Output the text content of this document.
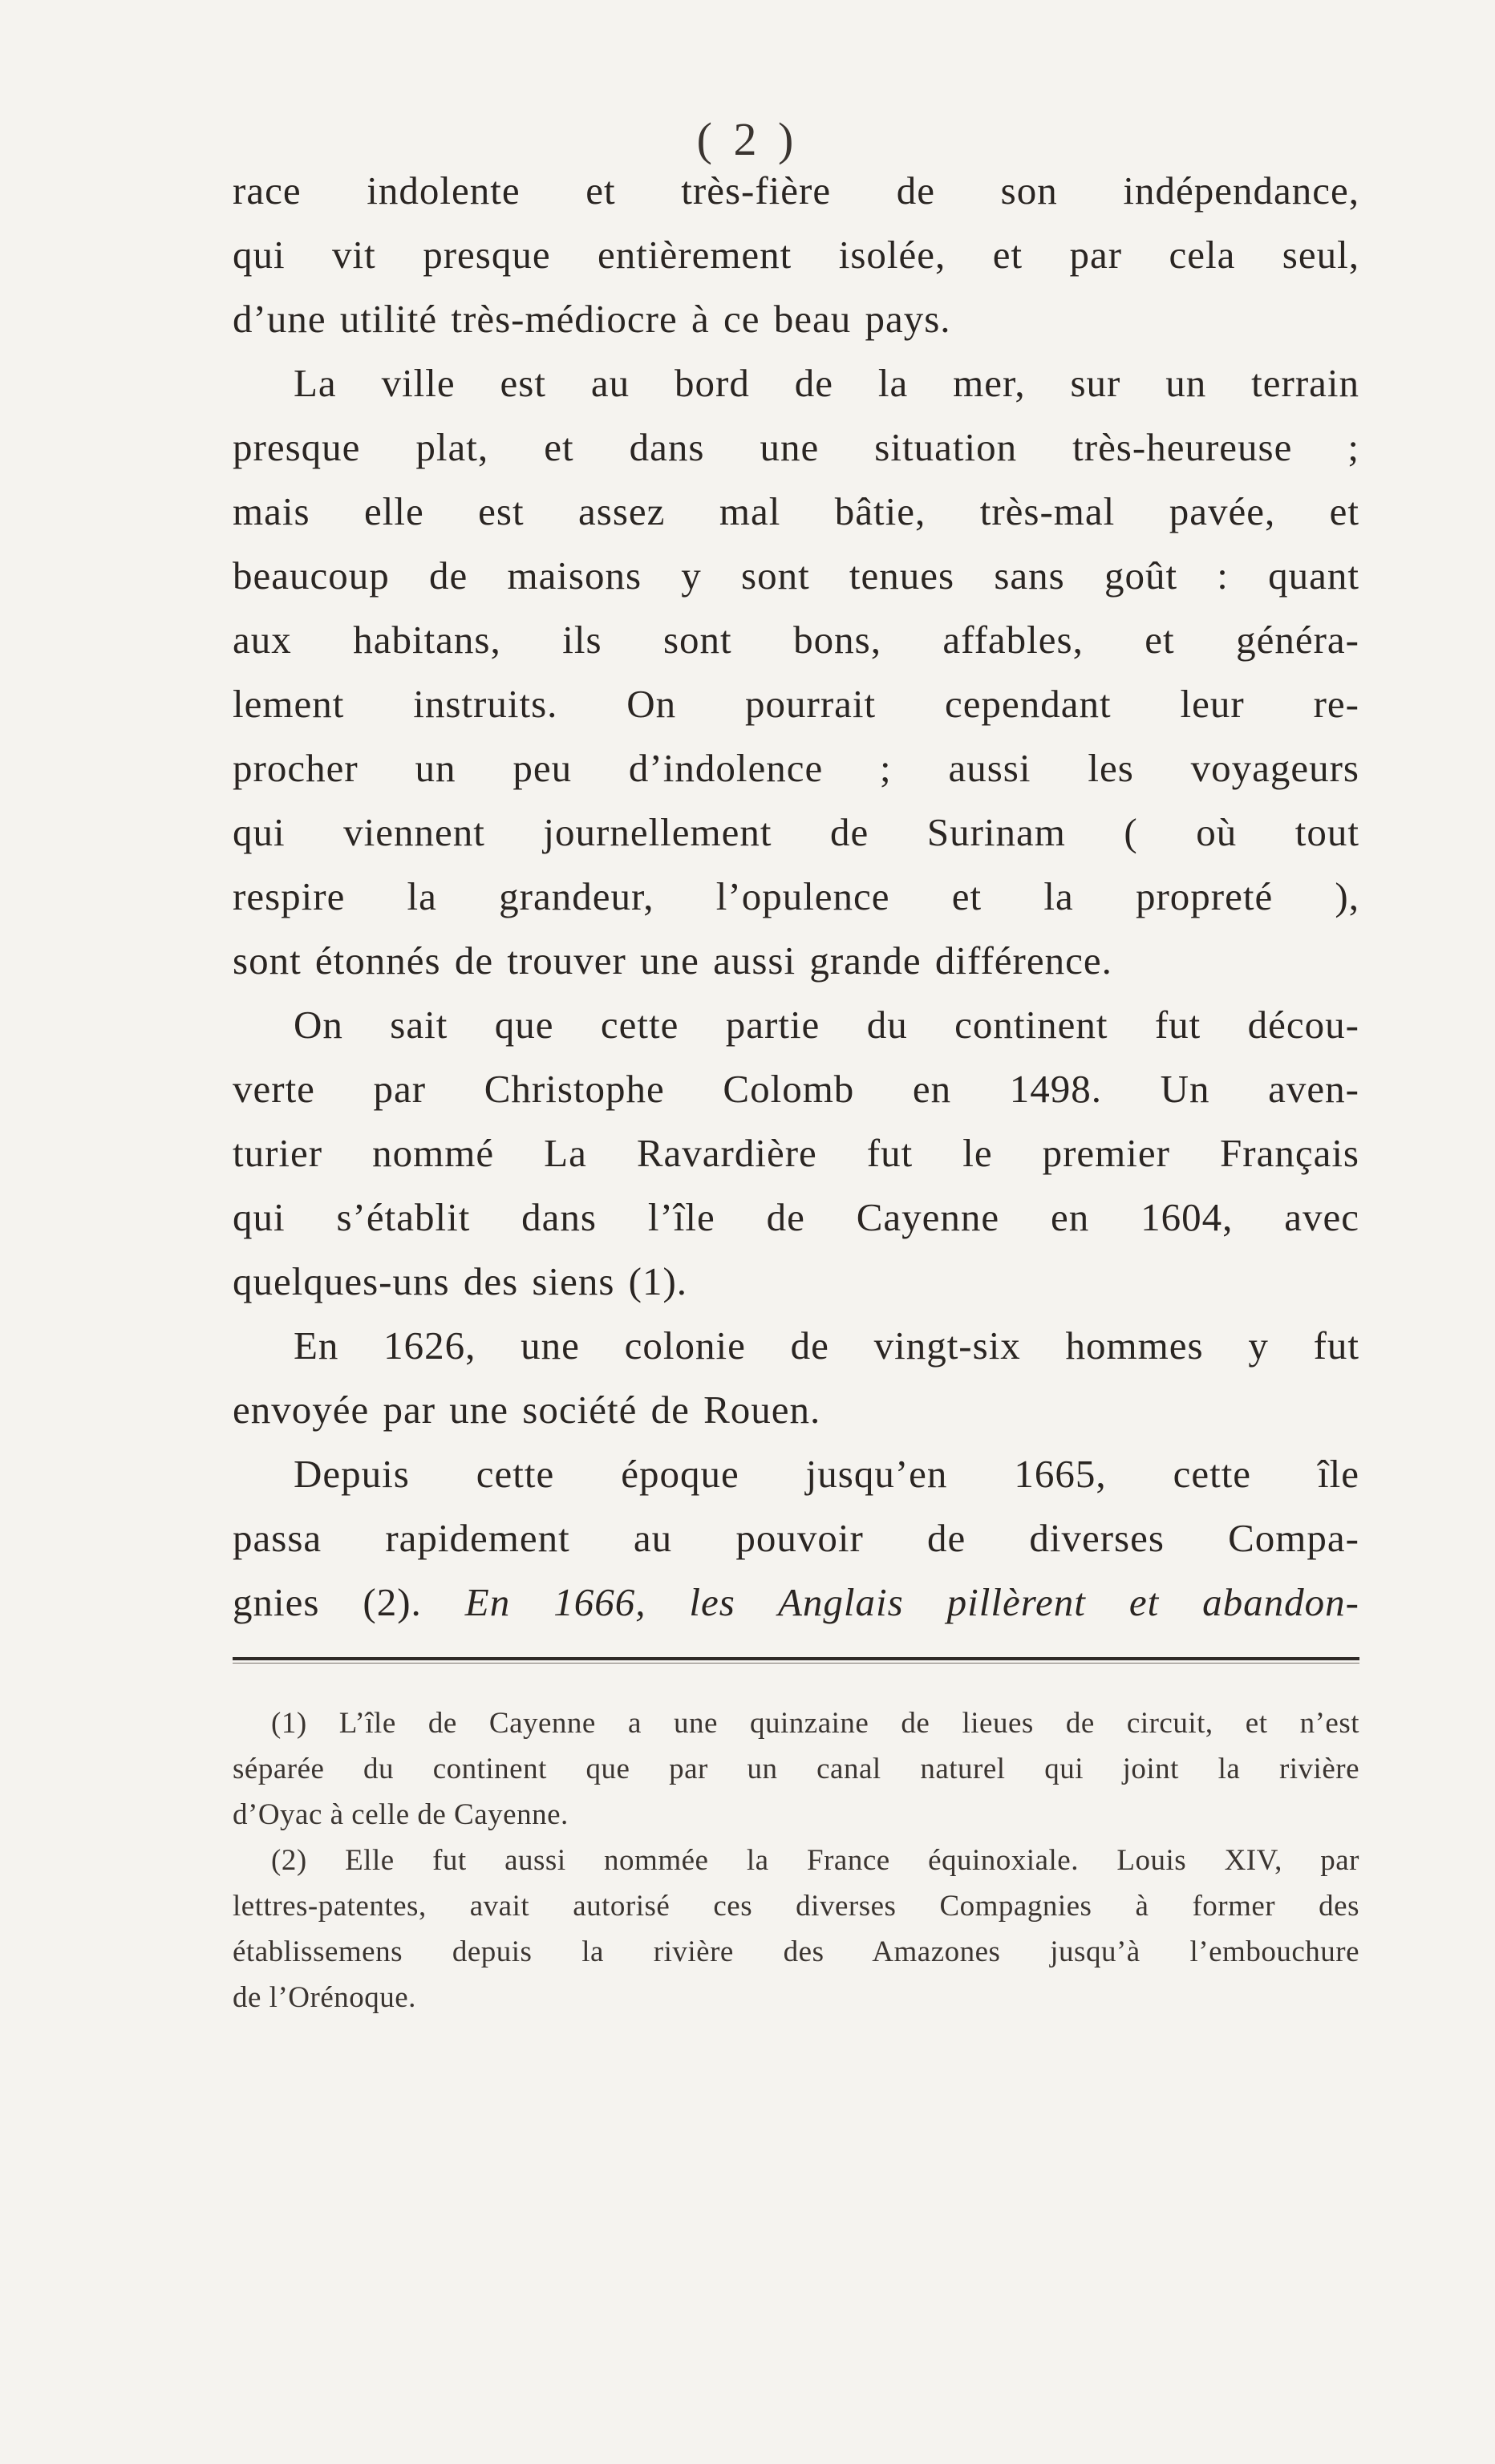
( 2 )
race indolente et très-fière de son indépendance,
qui vit presque entièrement isolée, et par cela seul,
d’une utilité très-médiocre à ce beau pays.
La ville est au bord de la mer, sur un terrain
presque plat, et dans une situation très-heureuse ;
mais elle est assez mal bâtie, très-mal pavée, et
beaucoup de maisons y sont tenues sans goût : quant
aux habitans, ils sont bons, affables, et généra-
lement instruits. On pourrait cependant leur re-
procher un peu d’indolence ; aussi les voyageurs
qui viennent journellement de Surinam ( où tout
respire la grandeur, l’opulence et la propreté ),
sont étonnés de trouver une aussi grande différence.
On sait que cette partie du continent fut décou-
verte par Christophe Colomb en 1498. Un aven-
turier nommé La Ravardière fut le premier Français
qui s’établit dans l’île de Cayenne en 1604, avec
quelques-uns des siens (1).
En 1626, une colonie de vingt-six hommes y fut
envoyée par une société de Rouen.
Depuis cette époque jusqu’en 1665, cette île
passa rapidement au pouvoir de diverses Compa-
gnies (2). En 1666, les Anglais pillèrent et abandon-
(1) L’île de Cayenne a une quinzaine de lieues de circuit, et n’est
séparée du continent que par un canal naturel qui joint la rivière
d’Oyac à celle de Cayenne.
(2) Elle fut aussi nommée la France équinoxiale. Louis XIV, par
lettres-patentes, avait autorisé ces diverses Compagnies à former des
établissemens depuis la rivière des Amazones jusqu’à l’embouchure
de l’Orénoque.
